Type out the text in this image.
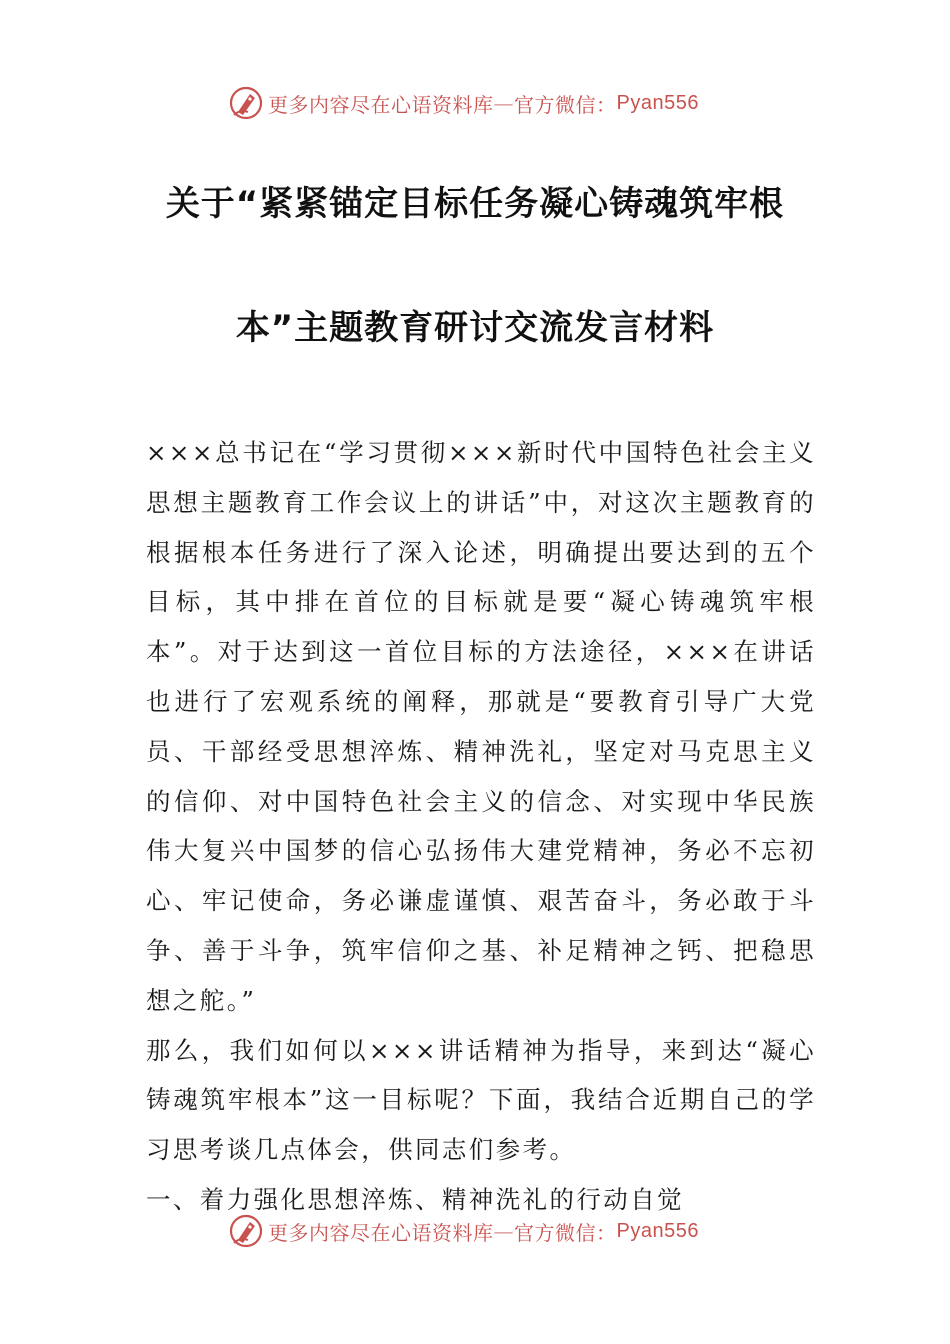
更多内容尽在心语资料库 — 官方微信： Pyan556
关于“紧紧锚定目标任务凝心铸魂筑牢根
本”主题教育研讨交流发言材料

×××总书记在“学习贯彻×××新时代中国特色社会主义思想主题教育工作会议上的讲话”中，对这次主题教育的根据根本任务进行了深入论述，明确提出要达到的五个目标，其中排在首位的目标就是要“凝心铸魂筑牢根本”。对于达到这一首位目标的方法途径，×××在讲话也进行了宏观系统的阐释，那就是“要教育引导广大党员、干部经受思想淬炼、精神洗礼，坚定对马克思主义的信仰、对中国特色社会主义的信念、对实现中华民族伟大复兴中国梦的信心弘扬伟大建党精神，务必不忘初心、牢记使命，务必谦虚谨慎、艰苦奋斗，务必敢于斗争、善于斗争，筑牢信仰之基、补足精神之钙、把稳思想之舵。”

那么，我们如何以×××讲话精神为指导，来到达“凝心铸魂筑牢根本”这一目标呢？下面，我结合近期自己的学习思考谈几点体会，供同志们参考。

一、着力强化思想淬炼、精神洗礼的行动自觉

更多内容尽在心语资料库 — 官方微信： Pyan556
